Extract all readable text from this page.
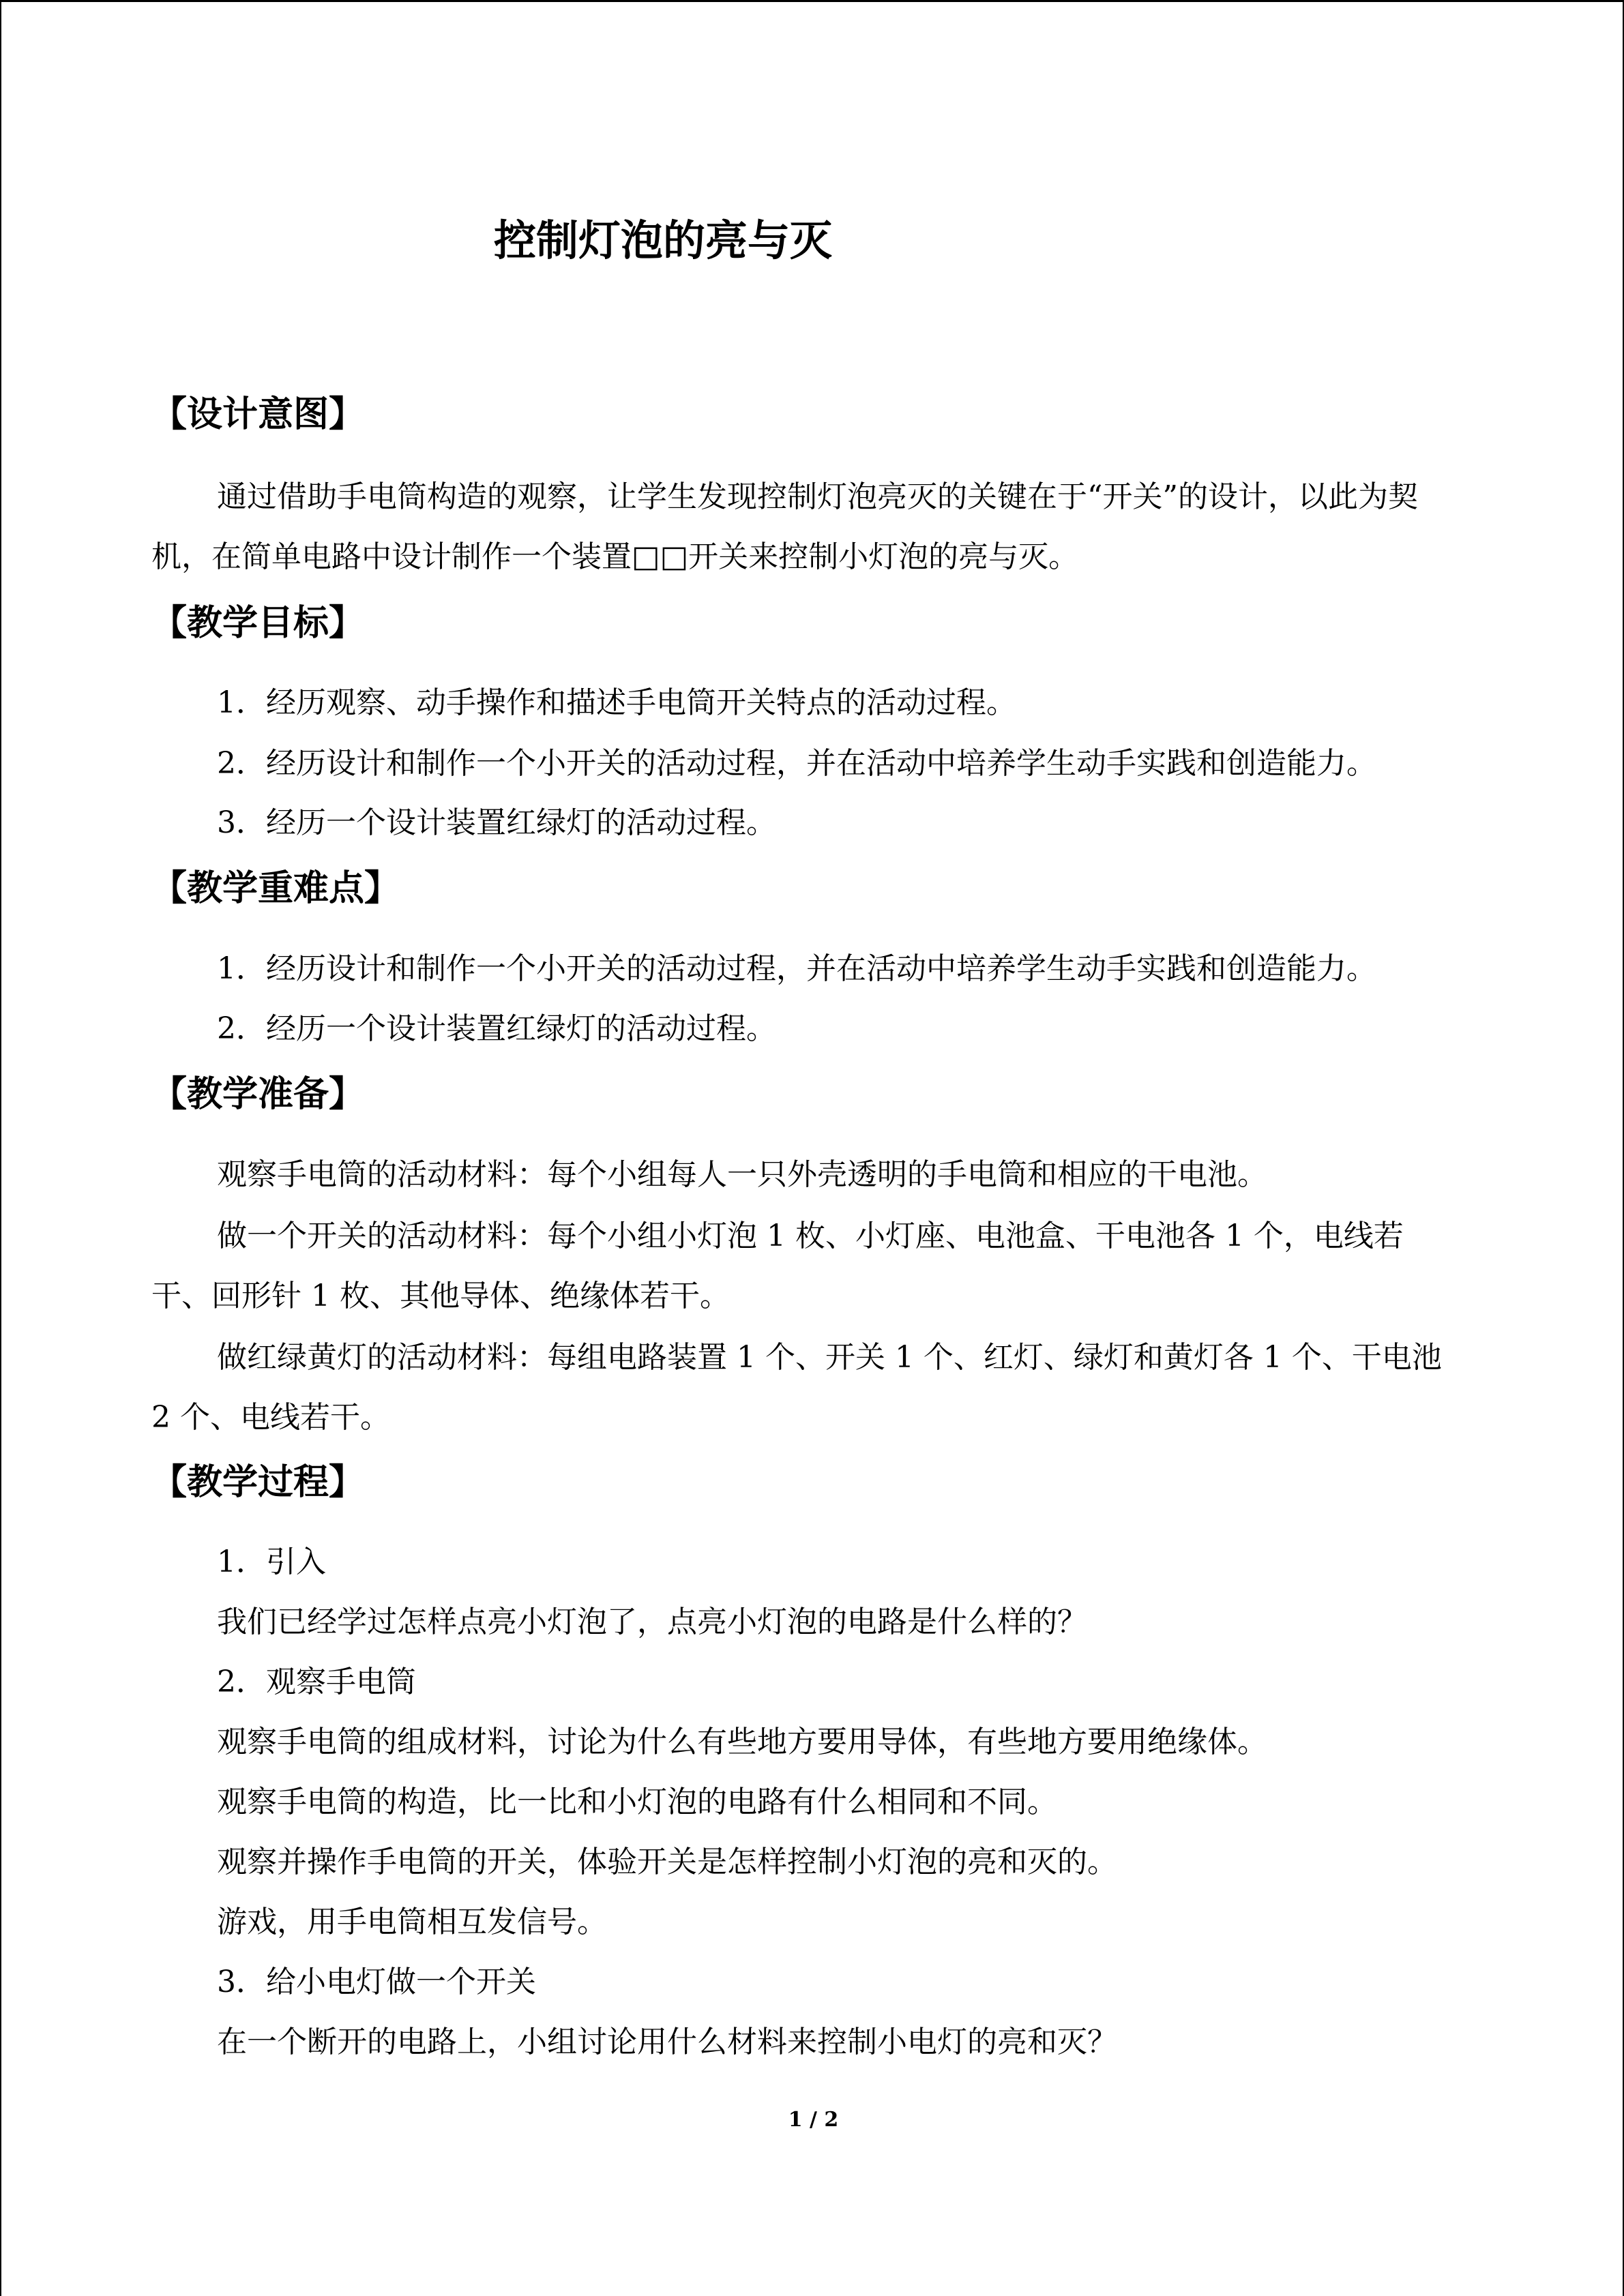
控制灯泡的亮与灭
【设计意图】
通过借助手电筒构造的观察，让学生发现控制灯泡亮灭的关键在于“开关”的设计，以此为契机，在简单电路中设计制作一个装置□□开关来控制小灯泡的亮与灭。
【教学目标】
1．经历观察、动手操作和描述手电筒开关特点的活动过程。
2．经历设计和制作一个小开关的活动过程，并在活动中培养学生动手实践和创造能力。
3．经历一个设计装置红绿灯的活动过程。
【教学重难点】
1．经历设计和制作一个小开关的活动过程，并在活动中培养学生动手实践和创造能力。
2．经历一个设计装置红绿灯的活动过程。
【教学准备】
观察手电筒的活动材料：每个小组每人一只外壳透明的手电筒和相应的干电池。
做一个开关的活动材料：每个小组小灯泡 1 枚、小灯座、电池盒、干电池各 1 个，电线若干、回形针 1 枚、其他导体、绝缘体若干。
做红绿黄灯的活动材料：每组电路装置 1 个、开关 1 个、红灯、绿灯和黄灯各 1 个、干电池 2 个、电线若干。
【教学过程】
1．引入
我们已经学过怎样点亮小灯泡了，点亮小灯泡的电路是什么样的？
2．观察手电筒
观察手电筒的组成材料，讨论为什么有些地方要用导体，有些地方要用绝缘体。
观察手电筒的构造，比一比和小灯泡的电路有什么相同和不同。
观察并操作手电筒的开关，体验开关是怎样控制小灯泡的亮和灭的。
游戏，用手电筒相互发信号。
3．给小电灯做一个开关
在一个断开的电路上，小组讨论用什么材料来控制小电灯的亮和灭？
1 / 2
